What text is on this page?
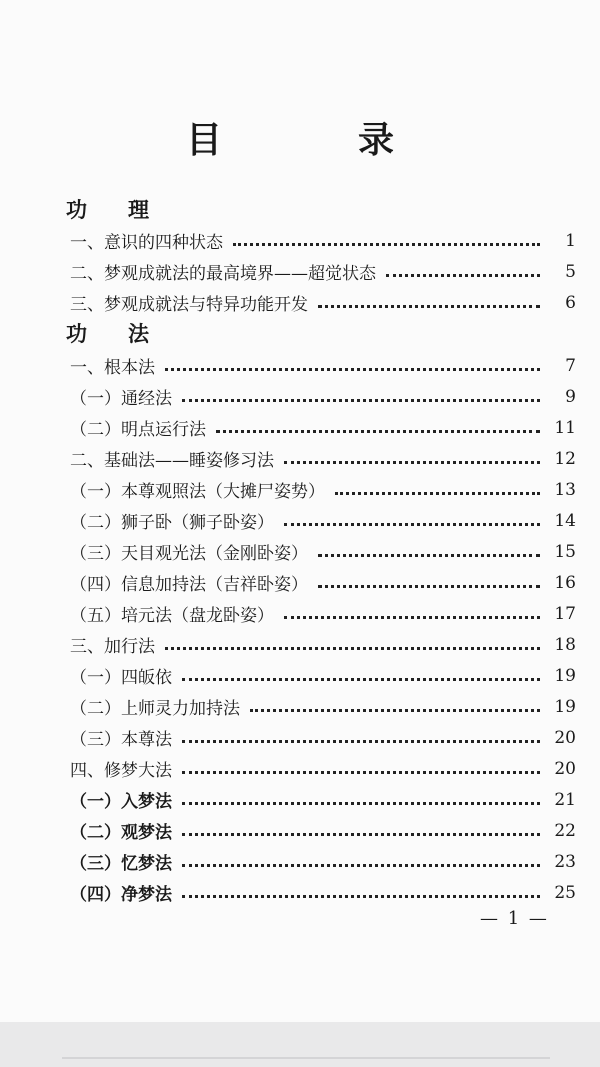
目　录
功　理
一、意识的四种状态	1
二、梦观成就法的最高境界——超觉状态	5
三、梦观成就法与特异功能开发	6
功　法
一、根本法	7
（一）通经法	9
（二）明点运行法	11
二、基础法——睡姿修习法	12
（一）本尊观照法（大摊尸姿势）	13
（二）狮子卧（狮子卧姿）	14
（三）天目观光法（金刚卧姿）	15
（四）信息加持法（吉祥卧姿）	16
（五）培元法（盘龙卧姿）	17
三、加行法	18
（一）四皈依	19
（二）上师灵力加持法	19
（三）本尊法	20
四、修梦大法	20
（一）入梦法	21
（二）观梦法	22
（三）忆梦法	23
（四）净梦法	25
— 1 —
